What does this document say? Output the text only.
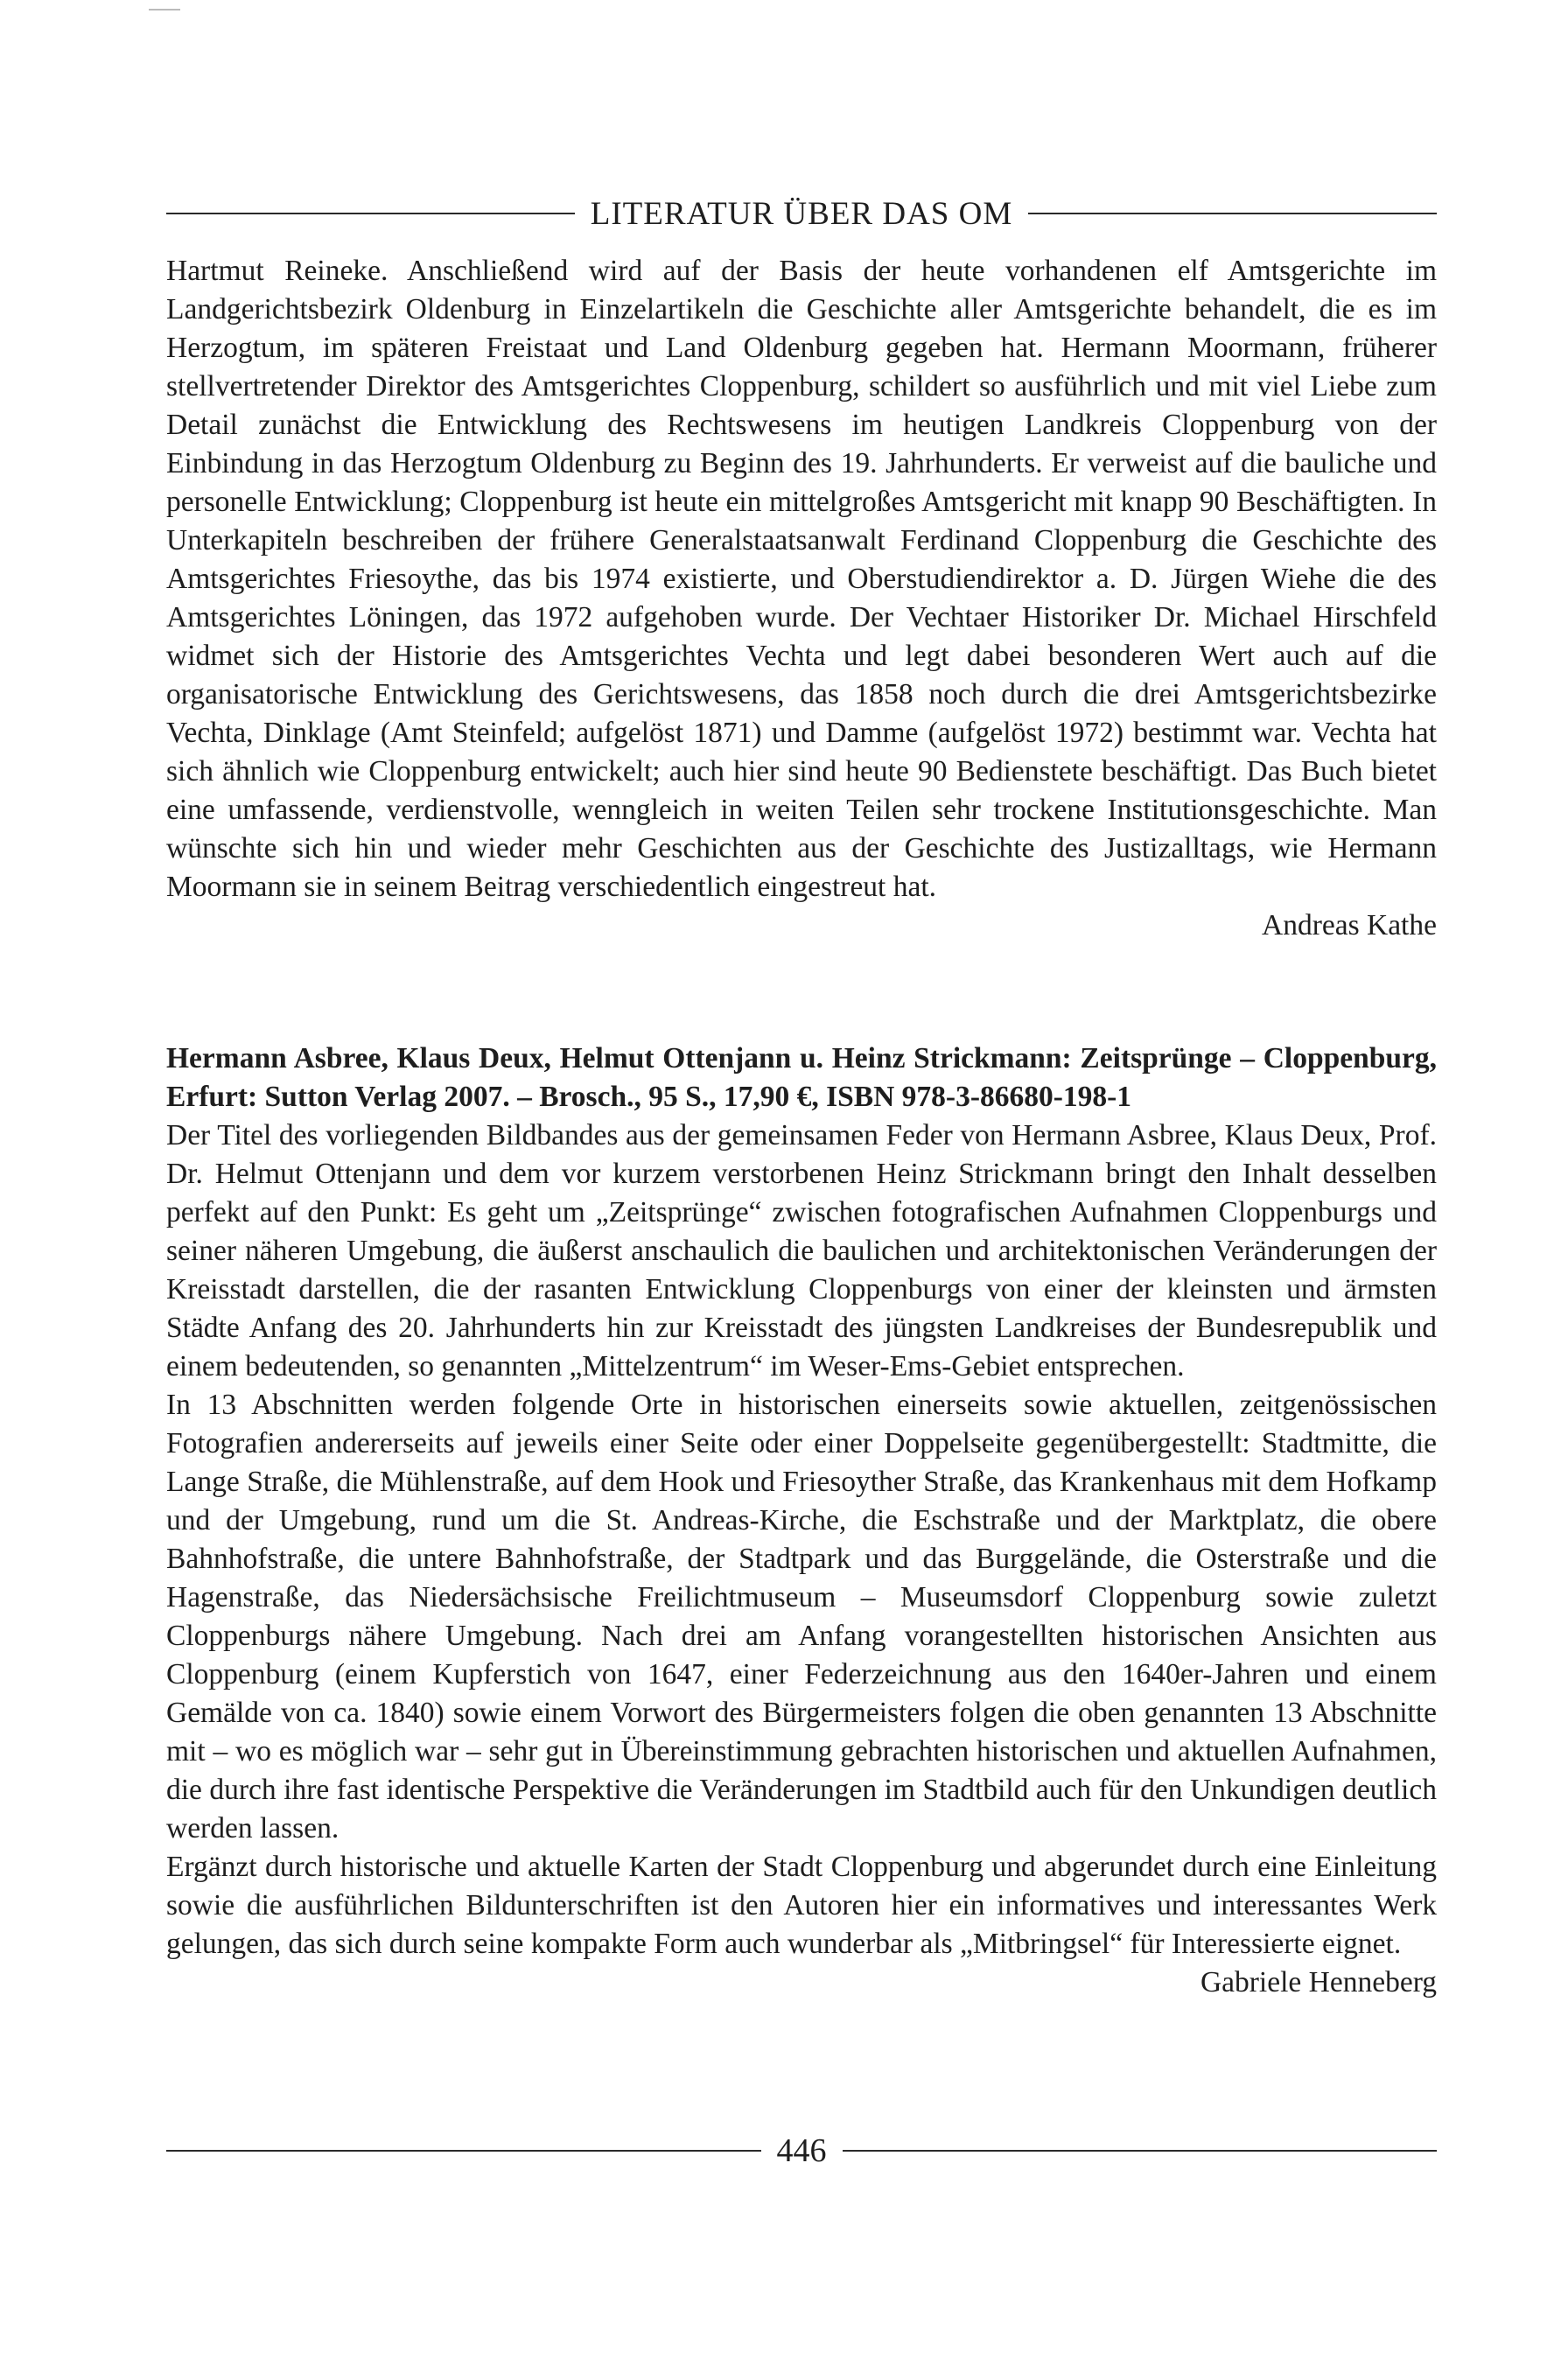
LITERATUR ÜBER DAS OM

Hartmut Reineke. Anschließend wird auf der Basis der heute vorhandenen elf Amtsgerichte im Landgerichtsbezirk Oldenburg in Einzelartikeln die Geschichte aller Amtsgerichte behandelt, die es im Herzogtum, im späteren Freistaat und Land Oldenburg gegeben hat. Hermann Moormann, früherer stellvertretender Direktor des Amtsgerichtes Cloppenburg, schildert so ausführlich und mit viel Liebe zum Detail zunächst die Entwicklung des Rechtswesens im heutigen Landkreis Cloppenburg von der Einbindung in das Herzogtum Oldenburg zu Beginn des 19. Jahrhunderts. Er verweist auf die bauliche und personelle Entwicklung; Cloppenburg ist heute ein mittelgroßes Amtsgericht mit knapp 90 Beschäftigten. In Unterkapiteln beschreiben der frühere Generalstaatsanwalt Ferdinand Cloppenburg die Geschichte des Amtsgerichtes Friesoythe, das bis 1974 existierte, und Oberstudiendirektor a. D. Jürgen Wiehe die des Amtsgerichtes Löningen, das 1972 aufgehoben wurde. Der Vechtaer Historiker Dr. Michael Hirschfeld widmet sich der Historie des Amtsgerichtes Vechta und legt dabei besonderen Wert auch auf die organisatorische Entwicklung des Gerichtswesens, das 1858 noch durch die drei Amtsgerichtsbezirke Vechta, Dinklage (Amt Steinfeld; aufgelöst 1871) und Damme (aufgelöst 1972) bestimmt war. Vechta hat sich ähnlich wie Cloppenburg entwickelt; auch hier sind heute 90 Bedienstete beschäftigt. Das Buch bietet eine umfassende, verdienstvolle, wenngleich in weiten Teilen sehr trockene Institutionsgeschichte. Man wünschte sich hin und wieder mehr Geschichten aus der Geschichte des Justizalltags, wie Hermann Moormann sie in seinem Beitrag verschiedentlich eingestreut hat.

Andreas Kathe

Hermann Asbree, Klaus Deux, Helmut Ottenjann u. Heinz Strickmann: Zeitsprünge – Cloppenburg, Erfurt: Sutton Verlag 2007. – Brosch., 95 S., 17,90 €, ISBN 978-3-86680-198-1

Der Titel des vorliegenden Bildbandes aus der gemeinsamen Feder von Hermann Asbree, Klaus Deux, Prof. Dr. Helmut Ottenjann und dem vor kurzem verstorbenen Heinz Strickmann bringt den Inhalt desselben perfekt auf den Punkt: Es geht um „Zeitsprünge“ zwischen fotografischen Aufnahmen Cloppenburgs und seiner näheren Umgebung, die äußerst anschaulich die baulichen und architektonischen Veränderungen der Kreisstadt darstellen, die der rasanten Entwicklung Cloppenburgs von einer der kleinsten und ärmsten Städte Anfang des 20. Jahrhunderts hin zur Kreisstadt des jüngsten Landkreises der Bundesrepublik und einem bedeutenden, so genannten „Mittelzentrum“ im Weser-Ems-Gebiet entsprechen.

In 13 Abschnitten werden folgende Orte in historischen einerseits sowie aktuellen, zeitgenössischen Fotografien andererseits auf jeweils einer Seite oder einer Doppelseite gegenübergestellt: Stadtmitte, die Lange Straße, die Mühlenstraße, auf dem Hook und Friesoyther Straße, das Krankenhaus mit dem Hofkamp und der Umgebung, rund um die St. Andreas-Kirche, die Eschstraße und der Marktplatz, die obere Bahnhofstraße, die untere Bahnhofstraße, der Stadtpark und das Burggelände, die Osterstraße und die Hagenstraße, das Niedersächsische Freilichtmuseum – Museumsdorf Cloppenburg sowie zuletzt Cloppenburgs nähere Umgebung. Nach drei am Anfang vorangestellten historischen Ansichten aus Cloppenburg (einem Kupferstich von 1647, einer Federzeichnung aus den 1640er-Jahren und einem Gemälde von ca. 1840) sowie einem Vorwort des Bürgermeisters folgen die oben genannten 13 Abschnitte mit – wo es möglich war – sehr gut in Übereinstimmung gebrachten historischen und aktuellen Aufnahmen, die durch ihre fast identische Perspektive die Veränderungen im Stadtbild auch für den Unkundigen deutlich werden lassen.

Ergänzt durch historische und aktuelle Karten der Stadt Cloppenburg und abgerundet durch eine Einleitung sowie die ausführlichen Bildunterschriften ist den Autoren hier ein informatives und interessantes Werk gelungen, das sich durch seine kompakte Form auch wunderbar als „Mitbringsel“ für Interessierte eignet.

Gabriele Henneberg

446
